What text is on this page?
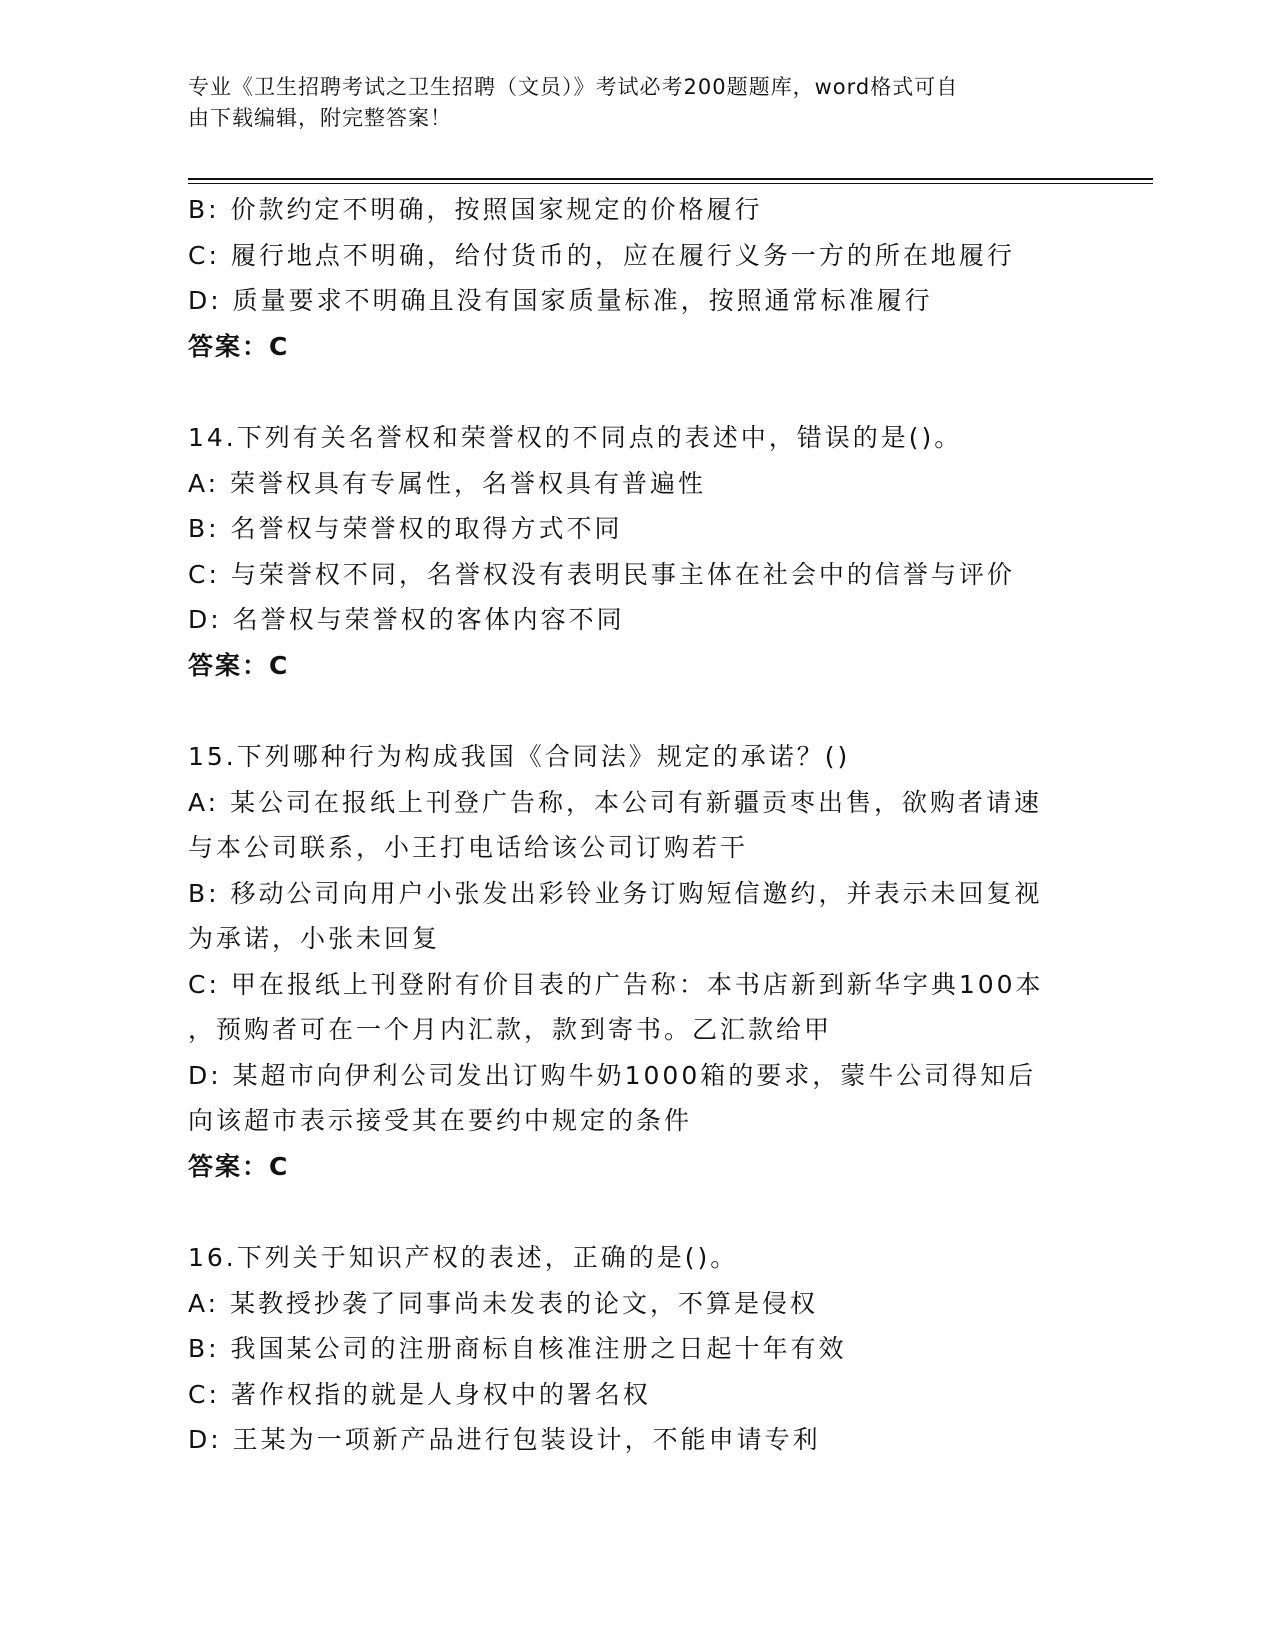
专业《卫生招聘考试之卫生招聘（文员）》考试必考200题题库，word格式可自
由下载编辑，附完整答案！
B: 价款约定不明确，按照国家规定的价格履行
C: 履行地点不明确，给付货币的，应在履行义务一方的所在地履行
D: 质量要求不明确且没有国家质量标准，按照通常标准履行
答案：C
14.下列有关名誉权和荣誉权的不同点的表述中，错误的是()。
A: 荣誉权具有专属性，名誉权具有普遍性
B: 名誉权与荣誉权的取得方式不同
C: 与荣誉权不同，名誉权没有表明民事主体在社会中的信誉与评价
D: 名誉权与荣誉权的客体内容不同
答案：C
15.下列哪种行为构成我国《合同法》规定的承诺？()
A: 某公司在报纸上刊登广告称，本公司有新疆贡枣出售，欲购者请速
与本公司联系，小王打电话给该公司订购若干
B: 移动公司向用户小张发出彩铃业务订购短信邀约，并表示未回复视
为承诺，小张未回复
C: 甲在报纸上刊登附有价目表的广告称：本书店新到新华字典100本
，预购者可在一个月内汇款，款到寄书。乙汇款给甲
D: 某超市向伊利公司发出订购牛奶1000箱的要求，蒙牛公司得知后
向该超市表示接受其在要约中规定的条件
答案：C
16.下列关于知识产权的表述，正确的是()。
A: 某教授抄袭了同事尚未发表的论文，不算是侵权
B: 我国某公司的注册商标自核准注册之日起十年有效
C: 著作权指的就是人身权中的署名权
D: 王某为一项新产品进行包装设计，不能申请专利
